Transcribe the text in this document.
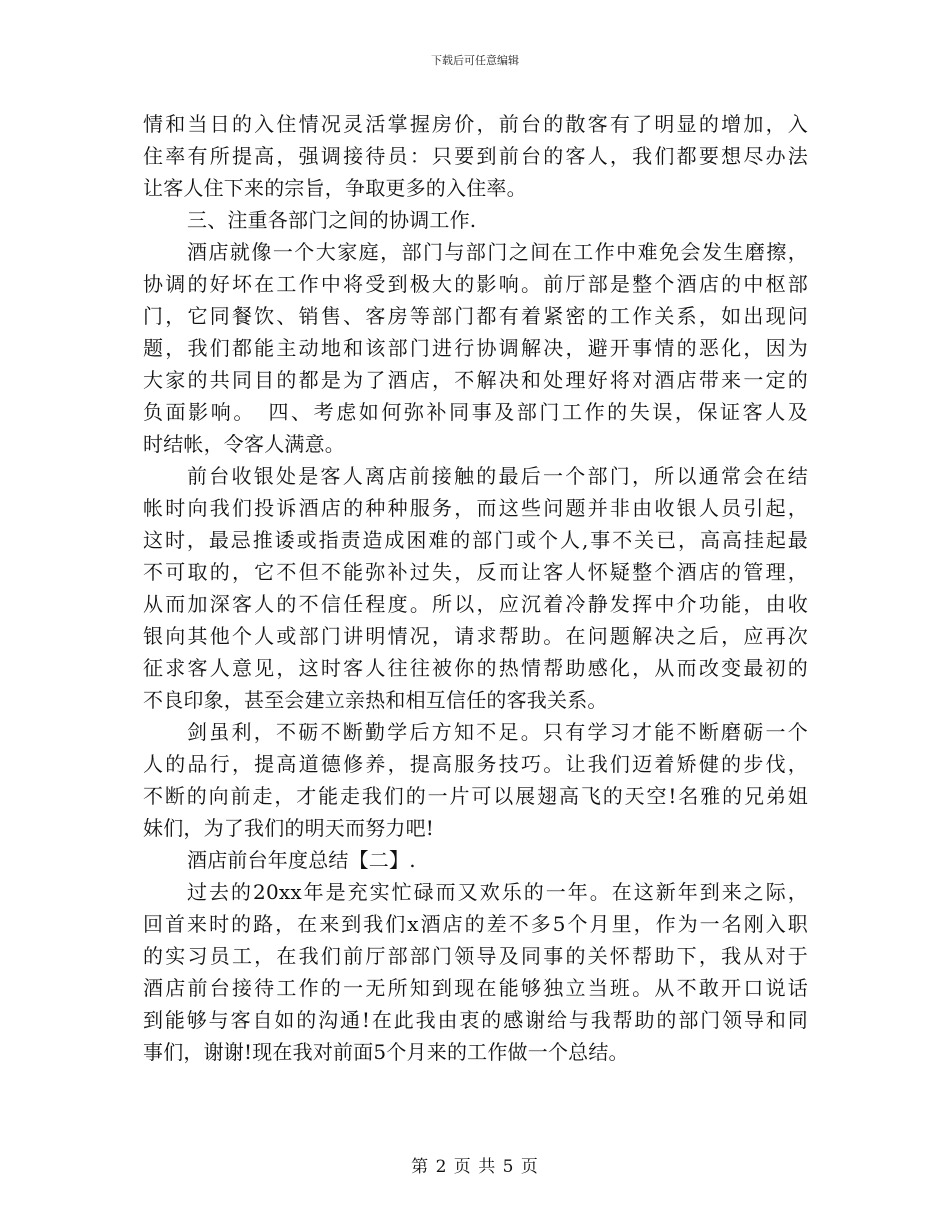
下载后可任意编辑
情和当日的入住情况灵活掌握房价，前台的散客有了明显的增加，入
住率有所提高，强调接待员：只要到前台的客人，我们都要想尽办法
让客人住下来的宗旨，争取更多的入住率。
三、注重各部门之间的协调工作.
酒店就像一个大家庭，部门与部门之间在工作中难免会发生磨擦，
协调的好坏在工作中将受到极大的影响。前厅部是整个酒店的中枢部
门，它同餐饮、销售、客房等部门都有着紧密的工作关系，如出现问
题，我们都能主动地和该部门进行协调解决，避开事情的恶化，因为
大家的共同目的都是为了酒店，不解决和处理好将对酒店带来一定的
负面影响。　四、考虑如何弥补同事及部门工作的失误，保证客人及
时结帐，令客人满意。
前台收银处是客人离店前接触的最后一个部门，所以通常会在结
帐时向我们投诉酒店的种种服务，而这些问题并非由收银人员引起，
这时，最忌推诿或指责造成困难的部门或个人,事不关已，高高挂起最
不可取的，它不但不能弥补过失，反而让客人怀疑整个酒店的管理，
从而加深客人的不信任程度。所以，应沉着冷静发挥中介功能，由收
银向其他个人或部门讲明情况，请求帮助。在问题解决之后，应再次
征求客人意见，这时客人往往被你的热情帮助感化，从而改变最初的
不良印象，甚至会建立亲热和相互信任的客我关系。
剑虽利，不砺不断勤学后方知不足。只有学习才能不断磨砺一个
人的品行，提高道德修养，提高服务技巧。让我们迈着矫健的步伐，
不断的向前走，才能走我们的一片可以展翅高飞的天空!名雅的兄弟姐
妹们，为了我们的明天而努力吧!
酒店前台年度总结【二】.
过去的20xx年是充实忙碌而又欢乐的一年。在这新年到来之际，
回首来时的路，在来到我们x酒店的差不多5个月里，作为一名刚入职
的实习员工，在我们前厅部部门领导及同事的关怀帮助下，我从对于
酒店前台接待工作的一无所知到现在能够独立当班。从不敢开口说话
到能够与客自如的沟通!在此我由衷的感谢给与我帮助的部门领导和同
事们，谢谢!现在我对前面5个月来的工作做一个总结。
第 2 页 共 5 页
